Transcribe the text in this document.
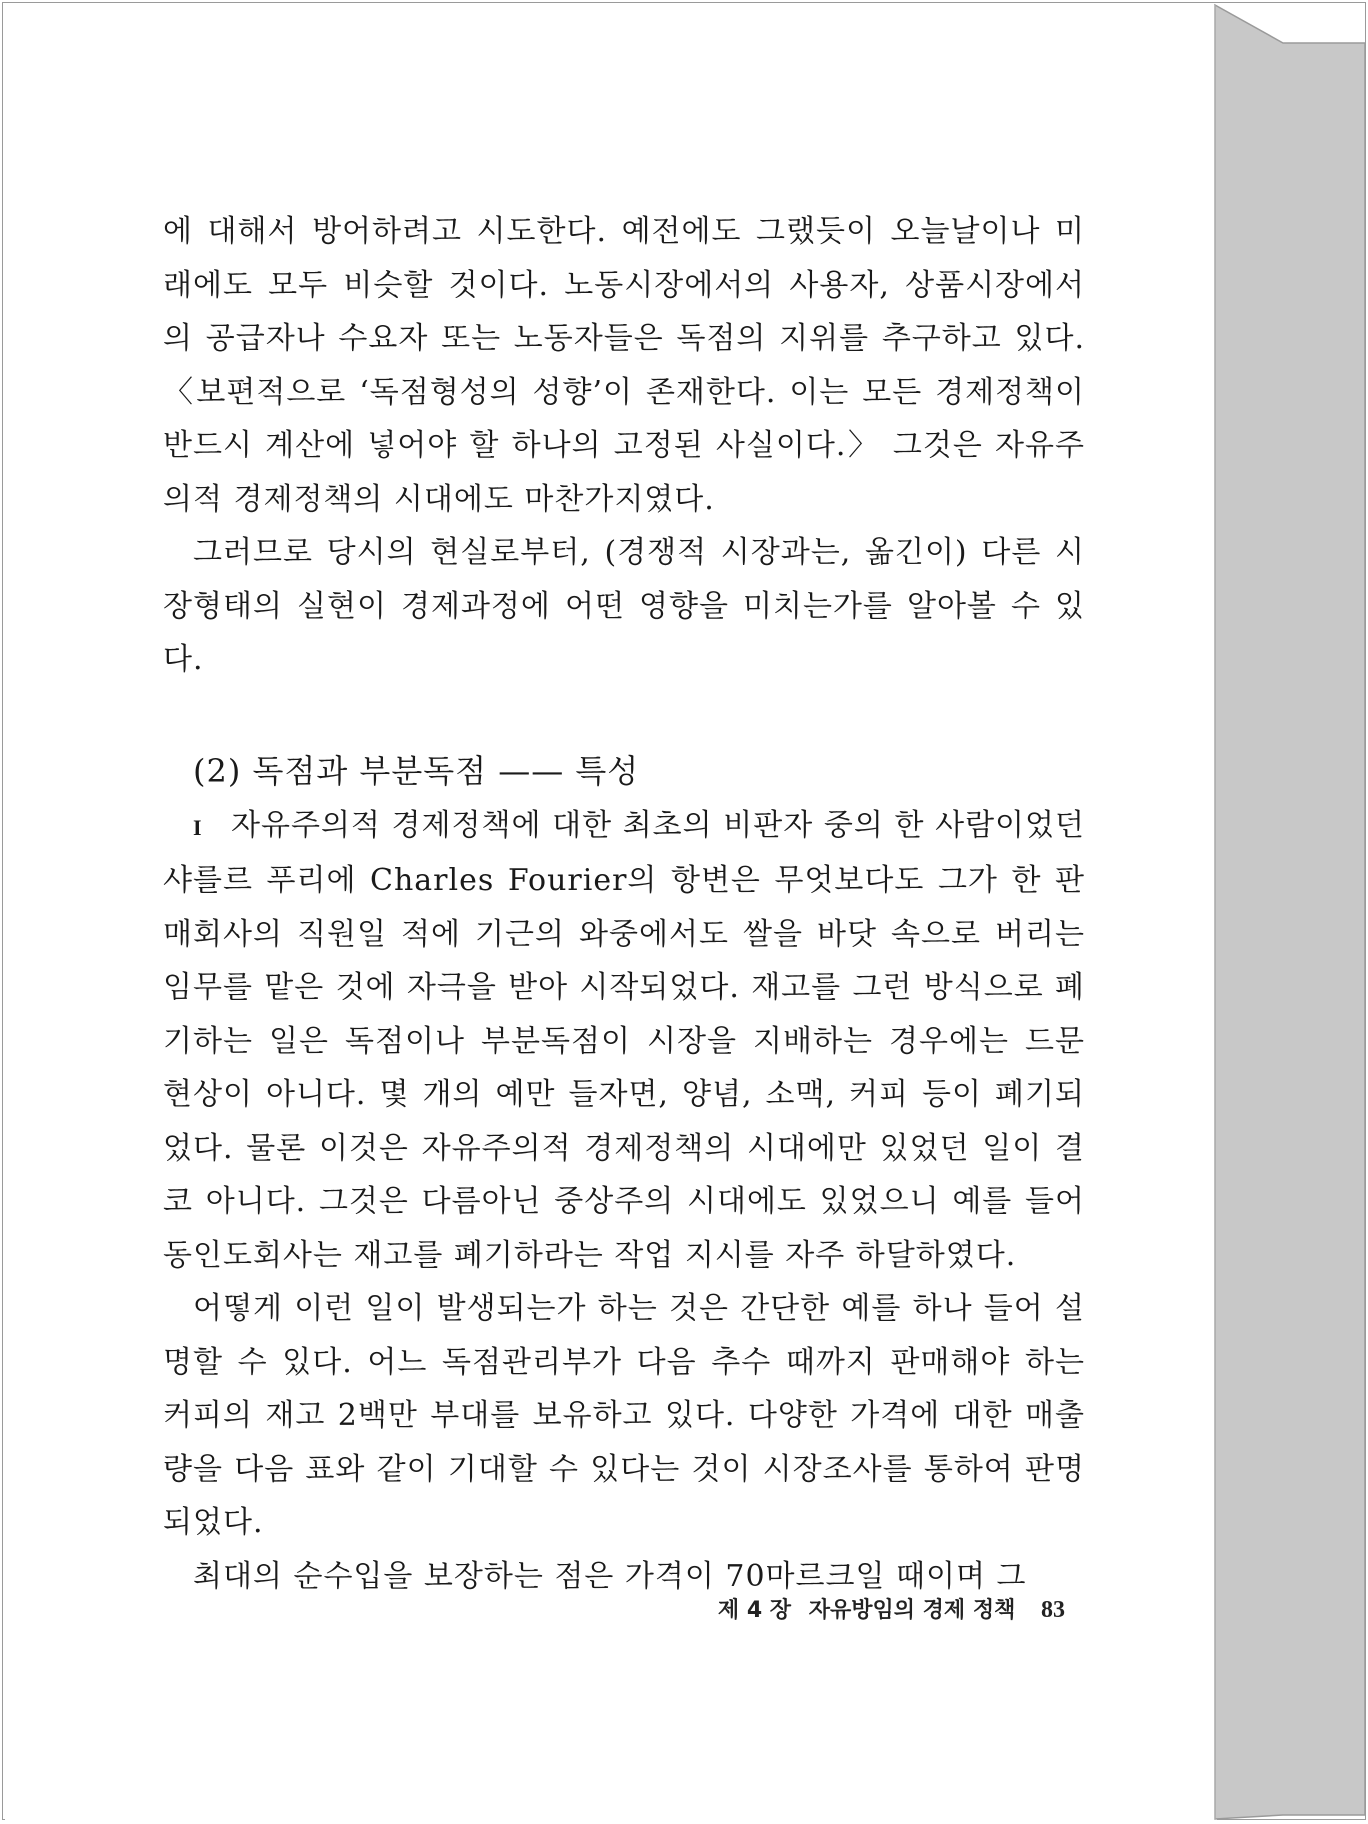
에 대해서 방어하려고 시도한다. 예전에도 그랬듯이 오늘날이나 미래에도 모두 비슷할 것이다. 노동시장에서의 사용자, 상품시장에서의 공급자나 수요자 또는 노동자들은 독점의 지위를 추구하고 있다. 〈보편적으로 ‘독점형성의 성향’이 존재한다. 이는 모든 경제정책이 반드시 계산에 넣어야 할 하나의 고정된 사실이다.〉 그것은 자유주의적 경제정책의 시대에도 마찬가지였다.

그러므로 당시의 현실로부터, (경쟁적 시장과는, 옮긴이) 다른 시장형태의 실현이 경제과정에 어떤 영향을 미치는가를 알아볼 수 있다.

(2) 독점과 부분독점 —— 특성

I 자유주의적 경제정책에 대한 최초의 비판자 중의 한 사람이었던 샤를르 푸리에 Charles Fourier의 항변은 무엇보다도 그가 한 판매회사의 직원일 적에 기근의 와중에서도 쌀을 바닷 속으로 버리는 임무를 맡은 것에 자극을 받아 시작되었다. 재고를 그런 방식으로 폐기하는 일은 독점이나 부분독점이 시장을 지배하는 경우에는 드문 현상이 아니다. 몇 개의 예만 들자면, 양념, 소맥, 커피 등이 폐기되었다. 물론 이것은 자유주의적 경제정책의 시대에만 있었던 일이 결코 아니다. 그것은 다름아닌 중상주의 시대에도 있었으니 예를 들어 동인도회사는 재고를 폐기하라는 작업 지시를 자주 하달하였다.

어떻게 이런 일이 발생되는가 하는 것은 간단한 예를 하나 들어 설명할 수 있다. 어느 독점관리부가 다음 추수 때까지 판매해야 하는 커피의 재고 2백만 부대를 보유하고 있다. 다양한 가격에 대한 매출량을 다음 표와 같이 기대할 수 있다는 것이 시장조사를 통하여 판명되었다.

최대의 순수입을 보장하는 점은 가격이 70마르크일 때이며 그

제 4 장 자유방임의 경제 정책 83
